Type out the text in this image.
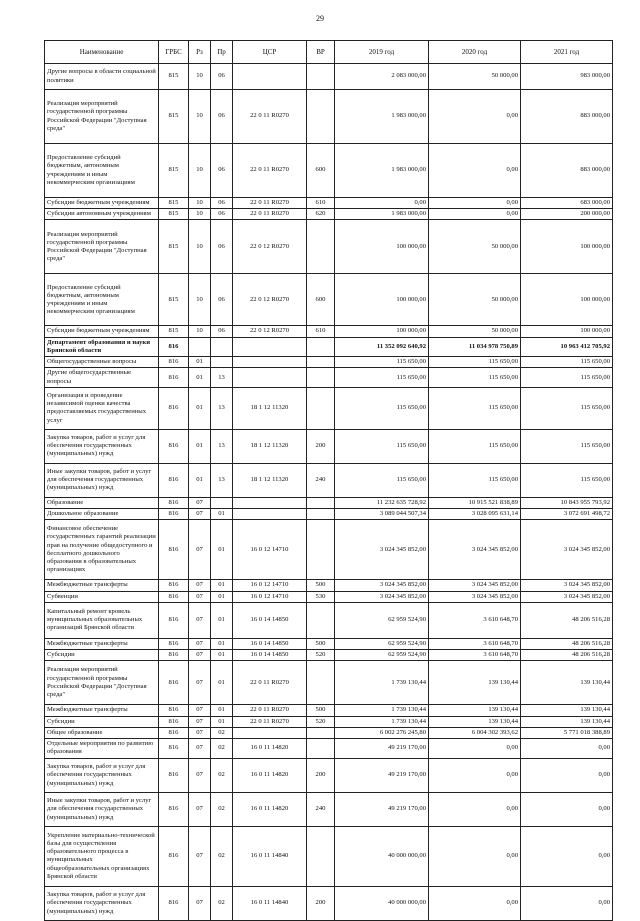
29
Наименование	ГРБС	Рз	Пр	ЦСР	ВР	2019 год	2020 год	2021 год
Другие вопросы в области социальной политики	815	10	06			2 083 000,00	50 000,00	983 000,00
Реализация мероприятий государственной программы Российской Федерации "Доступная среда"	815	10	06	22 0 11 R0270		1 983 000,00	0,00	883 000,00
Предоставление субсидий бюджетным, автономным учреждениям и иным некоммерческим организациям	815	10	06	22 0 11 R0270	600	1 983 000,00	0,00	883 000,00
Субсидии бюджетным учреждениям	815	10	06	22 0 11 R0270	610	0,00	0,00	683 000,00
Субсидии автономным учреждениям	815	10	06	22 0 11 R0270	620	1 983 000,00	0,00	200 000,00
Реализация мероприятий государственной программы Российской Федерации "Доступная среда"	815	10	06	22 0 12 R0270		100 000,00	50 000,00	100 000,00
Предоставление субсидий бюджетным, автономным учреждениям и иным некоммерческим организациям	815	10	06	22 0 12 R0270	600	100 000,00	50 000,00	100 000,00
Субсидии бюджетным учреждениям	815	10	06	22 0 12 R0270	610	100 000,00	50 000,00	100 000,00
Департамент образования и науки Брянской области	816					11 352 092 640,92	11 034 978 750,89	10 963 412 705,92
Общегосударственные вопросы	816	01				115 650,00	115 650,00	115 650,00
Другие общегосударственные вопросы	816	01	13			115 650,00	115 650,00	115 650,00
Организация и проведение независимой оценки качества предоставляемых государственных услуг	816	01	13	18 1 12 11320		115 650,00	115 650,00	115 650,00
Закупка товаров, работ и услуг для обеспечения государственных (муниципальных) нужд	816	01	13	18 1 12 11320	200	115 650,00	115 650,00	115 650,00
Иные закупки товаров, работ и услуг для обеспечения государственных (муниципальных) нужд	816	01	13	18 1 12 11320	240	115 650,00	115 650,00	115 650,00
Образование	816	07				11 232 635 728,92	10 915 521 838,89	10 843 955 793,92
Дошкольное образование	816	07	01			3 089 044 507,34	3 028 095 631,14	3 072 691 498,72
Финансовое обеспечение государственных гарантий реализации прав на получение общедоступного и бесплатного дошкольного образования в образовательных организациях	816	07	01	16 0 12 14710		3 024 345 852,00	3 024 345 852,00	3 024 345 852,00
Межбюджетные трансферты	816	07	01	16 0 12 14710	500	3 024 345 852,00	3 024 345 852,00	3 024 345 852,00
Субвенции	816	07	01	16 0 12 14710	530	3 024 345 852,00	3 024 345 852,00	3 024 345 852,00
Капитальный ремонт кровель муниципальных образовательных организаций Брянской области	816	07	01	16 0 14 14850		62 959 524,90	3 610 648,70	48 206 516,28
Межбюджетные трансферты	816	07	01	16 0 14 14850	500	62 959 524,90	3 610 648,70	48 206 516,28
Субсидии	816	07	01	16 0 14 14850	520	62 959 524,90	3 610 648,70	48 206 516,28
Реализация мероприятий государственной программы Российской Федерации "Доступная среда"	816	07	01	22 0 11 R0270		1 739 130,44	139 130,44	139 130,44
Межбюджетные трансферты	816	07	01	22 0 11 R0270	500	1 739 130,44	139 130,44	139 130,44
Субсидии	816	07	01	22 0 11 R0270	520	1 739 130,44	139 130,44	139 130,44
Общее образование	816	07	02			6 002 276 245,80	6 004 302 393,62	5 771 018 388,89
Отдельные мероприятия по развитию образования	816	07	02	16 0 11 14820		49 219 170,00	0,00	0,00
Закупка товаров, работ и услуг для обеспечения государственных (муниципальных) нужд	816	07	02	16 0 11 14820	200	49 219 170,00	0,00	0,00
Иные закупки товаров, работ и услуг для обеспечения государственных (муниципальных) нужд	816	07	02	16 0 11 14820	240	49 219 170,00	0,00	0,00
Укрепление материально-технической базы для осуществления образовательного процесса в муниципальных общеобразовательных организациях Брянской области	816	07	02	16 0 11 14840		40 000 000,00	0,00	0,00
Закупка товаров, работ и услуг для обеспечения государственных (муниципальных) нужд	816	07	02	16 0 11 14840	200	40 000 000,00	0,00	0,00
